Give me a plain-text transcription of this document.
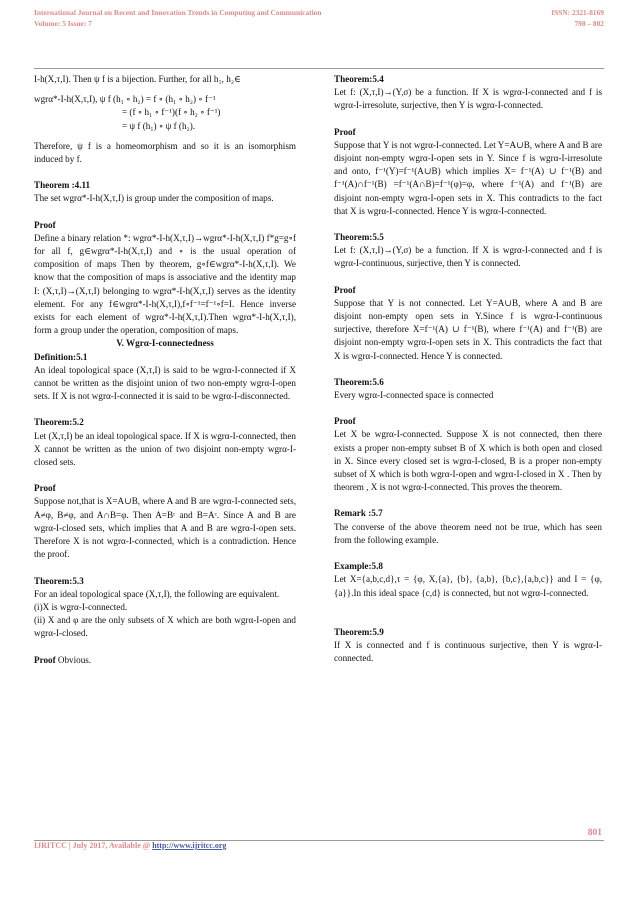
International Journal on Recent and Innovation Trends in Computing and Communication
Volume: 5 Issue: 7
ISSN: 2321-8169
798 – 802

I-h(X,τ,I). Then ψ f is a bijection. Further, for all h₁, h₂∈

wgrα*-I-h(X,τ,I), ψ f (h₁ ∘ h₂) = f ∘ (h₁ ∘ h₂) ∘ f⁻¹

= (f ∘ h₁ ∘ f⁻¹)(f ∘ h₂ ∘ f⁻¹)

= ψ f (h₁) ∘ ψ f (h₂).

Therefore, ψ f is a homeomorphism and so it is an isomorphism induced by f.

Theorem :4.11

The set wgrα*-I-h(X,τ,I) is group under the composition of maps.

Proof

Define a binary relation *: wgrα*-I-h(X,τ,I)→wgrα*-I-h(X,τ,I) f*g=g∘f for all f, g∈wgrα*-I-h(X,τ,I) and ∘ is the usual operation of composition of maps Then by theorem, g∘f∈wgrα*-I-h(X,τ,I). We know that the composition of maps is associative and the identity map I: (X,τ,I)→(X,τ,I) belonging to wgrα*-I-h(X,τ,I) serves as the identity element. For any f∈wgrα*-I-h(X,τ,I),f∘f⁻¹=f⁻¹∘f=I. Hence inverse exists for each element of wgrα*-I-h(X,τ,I).Then wgrα*-I-h(X,τ,I), form a group under the operation, composition of maps.

V. Wgrα-I-connectedness

Definition:5.1

An ideal topological space (X,τ,I) is said to be wgrα-I-connected if X cannot be written as the disjoint union of two non-empty wgrα-I-open sets. If X is not wgrα-I-connected it is said to be wgrα-I-disconnected.

Theorem:5.2

Let (X,τ,I) be an ideal topological space. If X is wgrα-I-connected, then X cannot be written as the union of two disjoint non-empty wgrα-I-closed sets.

Proof

Suppose not,that is X=A∪B, where A and B are wgrα-I-connected sets, A≠φ, B≠φ, and A∩B=φ. Then A=Bᶜ and B=Aᶜ. Since A and B are wgrα-I-closed sets, which implies that A and B are wgrα-I-open sets. Therefore X is not wgrα-I-connected, which is a contradiction. Hence the proof.

Theorem:5.3

For an ideal topological space (X,τ,I), the following are equivalent.

(i)X is wgrα-I-connected.

(ii) X and φ are the only subsets of X which are both wgrα-I-open and wgrα-I-closed.

Proof Obvious.

Theorem:5.4

Let f: (X,τ,I)→(Y,σ) be a function. If X is wgrα-I-connected and f is wgrα-I-irresolute, surjective, then Y is wgrα-I-connected.

Proof

Suppose that Y is not wgrα-I-connected. Let Y=A∪B, where A and B are disjoint non-empty wgrα-I-open sets in Y. Since f is wgrα-I-irresolute and onto, f⁻¹(Y)=f⁻¹(A∪B) which implies X= f⁻¹(A) ∪ f⁻¹(B) and f⁻¹(A)∩f⁻¹(B) =f⁻¹(A∩B)=f⁻¹(φ)=φ, where f⁻¹(A) and f⁻¹(B) are disjoint non-empty wgrα-I-open sets in X. This contradicts to the fact that X is wgrα-I-connected. Hence Y is wgrα-I-connected.

Theorem:5.5

Let f: (X,τ,I)→(Y,σ) be a function. If X is wgrα-I-connected and f is wgrα-I-continuous, surjective, then Y is connected.

Proof

Suppose that Y is not connected. Let Y=A∪B, where A and B are disjoint non-empty open sets in Y.Since f is wgrα-I-continuous surjective, therefore X=f⁻¹(A) ∪ f⁻¹(B), where f⁻¹(A) and f⁻¹(B) are disjoint non-empty wgrα-I-open sets in X. This contradicts the fact that X is wgrα-I-connected. Hence Y is connected.

Theorem:5.6

Every wgrα-I-connected space is connected

Proof

Let X be wgrα-I-connected. Suppose X is not connected, then there exists a proper non-empty subset B of X which is both open and closed in X. Since every closed set is wgrα-I-closed, B is a proper non-empty subset of X which is both wgrα-I-open and wgrα-I-closed in X . Then by theorem , X is not wgrα-I-connected. This proves the theorem.

Remark :5.7

The converse of the above theorem need not be true, which has seen from the following example.

Example:5.8

Let X={a,b,c,d},τ = {φ, X,{a}, {b}, {a,b}, {b,c},{a,b,c}} and I = {φ,{a}}.In this ideal space {c,d} is connected, but not wgrα-I-connected.

Theorem:5.9

If X is connected and f is continuous surjective, then Y is wgrα-I-connected.

801
IJRITCC | July 2017, Available @ http://www.ijritcc.org
